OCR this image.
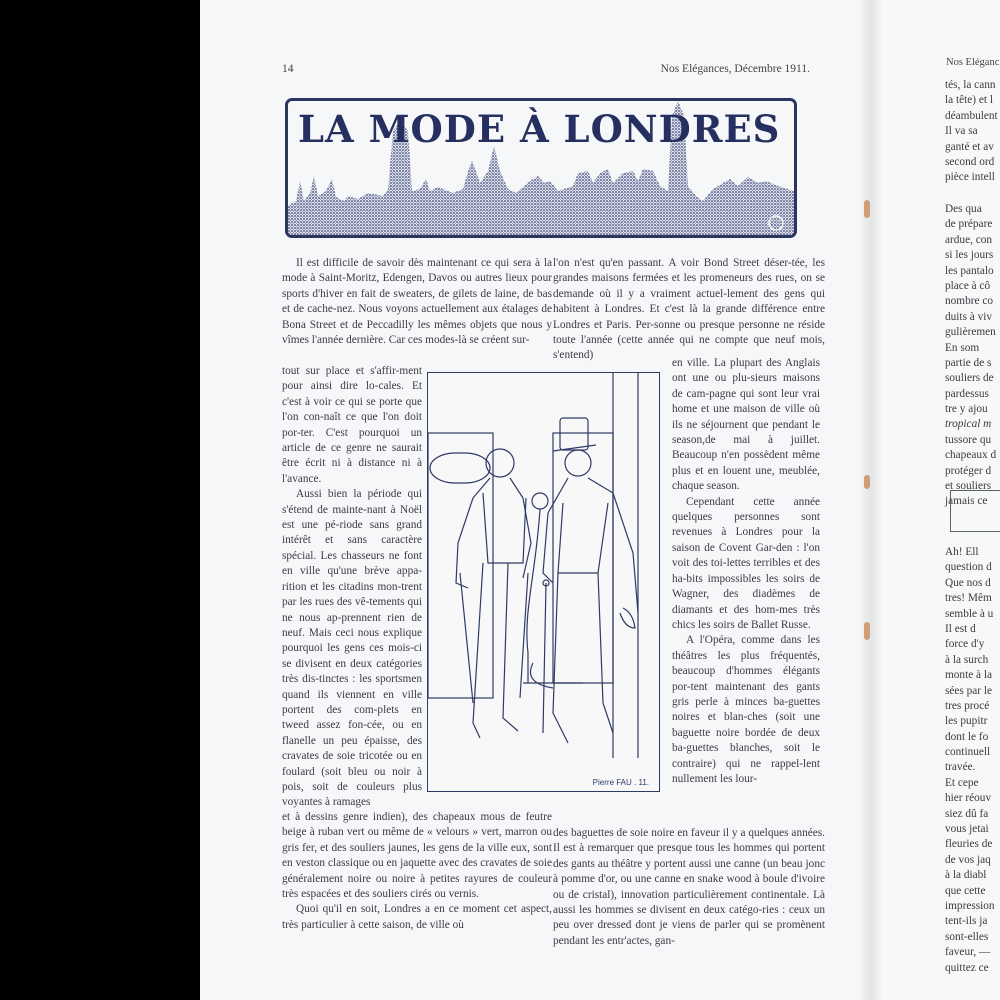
14	Nos Elégances, Décembre 1911.
LA MODE À LONDRES

Il est difficile de savoir dès maintenant ce qui sera à la mode à Saint-Moritz, Edengen, Davos ou autres lieux pour sports d'hiver en fait de sweaters, de gilets de laine, de bas et de cache-nez. Nous voyons actuellement aux étalages de Bona Street et de Peccadilly les mêmes objets que nous y vîmes l'année dernière. Car ces modes-là se créent sur-

tout sur place et s'affir-ment pour ainsi dire lo-cales. Et c'est à voir ce qui se porte que l'on con-naît ce que l'on doit por-ter. C'est pourquoi un article de ce genre ne saurait être écrit ni à distance ni à l'avance.

Aussi bien la période qui s'étend de mainte-nant à Noël est une pé-riode sans grand intérêt et sans caractère spécial. Les chasseurs ne font en ville qu'une brève appa-rition et les citadins mon-trent par les rues des vê-tements qui ne nous ap-prennent rien de neuf. Mais ceci nous explique pourquoi les gens ces mois-ci se divisent en deux catégories très dis-tinctes : les sportsmen quand ils viennent en ville portent des com-plets en tweed assez fon-cée, ou en flanelle un peu épaisse, des cravates de soie tricotée ou en foulard (soit bleu ou noir à pois, soit de couleurs plus voyantes à ramages

et à dessins genre indien), des chapeaux mous de feutre beige à ruban vert ou même de « velours » vert, marron ou gris fer, et des souliers jaunes, les gens de la ville eux, sont en veston classique ou en jaquette avec des cravates de soie généralement noire ou noire à petites rayures de couleur très espacées et des souliers cirés ou vernis.

Quoi qu'il en soit, Londres a en ce moment cet aspect, très particulier à cette saison, de ville où

l'on n'est qu'en passant. A voir Bond Street déser-tée, les grandes maisons fermées et les promeneurs des rues, on se demande où il y a vraiment actuel-lement des gens qui habitent à Londres. Et c'est là la grande différence entre Londres et Paris. Per-sonne ou presque personne ne réside toute l'année (cette année qui ne compte que neuf mois, s'entend)

en ville. La plupart des Anglais ont une ou plu-sieurs maisons de cam-pagne qui sont leur vrai home et une maison de ville où ils ne séjournent que pendant le season,de mai à juillet. Beaucoup n'en possèdent même plus et en louent une, meublée, chaque season.

Cependant cette année quelques personnes sont revenues à Londres pour la saison de Covent Gar-den : l'on voit des toi-lettes terribles et des ha-bits impossibles les soirs de Wagner, des diadèmes de diamants et des hom-mes très chics les soirs de Ballet Russe.

A l'Opéra, comme dans les théâtres les plus fréquentés, beaucoup d'hommes élégants por-tent maintenant des gants gris perle à minces ba-guettes noires et blan-ches (soit une baguette noire bordée de deux ba-guettes blanches, soit le contraire) qui ne rappel-lent nullement les lour-

des baguettes de soie noire en faveur il y a quelques années. Il est à remarquer que presque tous les hommes qui portent des gants au théâtre y portent aussi une canne (un beau jonc à pomme d'or, ou une canne en snake wood à boule d'ivoire ou de cristal), innovation particulièrement continentale. Là aussi les hommes se divisent en deux catégo-ries : ceux un peu over dressed dont je viens de parler qui se promènent pendant les entr'actes, gan-

Pierre FAU . 11.
Nos Eléganc
tés, la cann
la tête) et l
déambulent
Il va sa
ganté et av
second ord
pièce intell
Des qua
de prépare
ardue, con
si les jours
les pantalo
place à cô
nombre co
duits à viv
gulièremen
En som
partie de s
souliers de
pardessus
tre y ajou
tropical m
tussore qu
chapeaux d
protéger d
et souliers
jamais ce
Ah! Ell
question d
Que nos d
tres! Mêm
semble à u
Il est d
force d'y
à la surch
monte à la
sées par le
tres procé
les pupitr
dont le fo
continuell
travée.
Et cepe
hier réouv
siez dû fa
vous jetai
fleuries de
de vos jaq
à la diabl
que cette
impression
tent-ils ja
sont-elles
faveur, —
quittez ce
